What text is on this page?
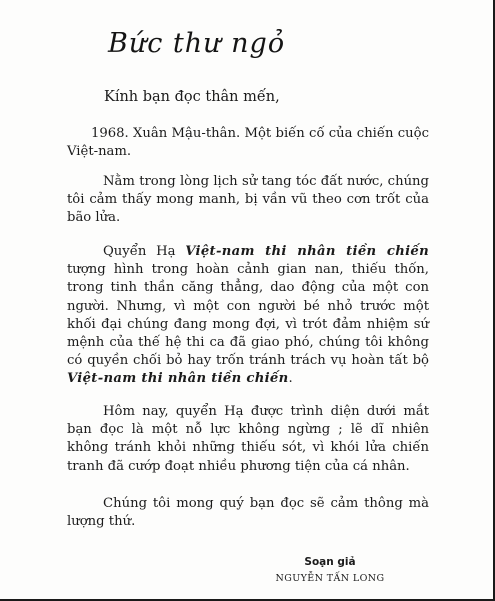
Bức thư ngỏ
Kính bạn đọc thân mến,

1968. Xuân Mậu-thân. Một biến cố của chiến cuộc Việt-nam.

Nằm trong lòng lịch sử tang tóc đất nước, chúng tôi cảm thấy mong manh, bị vần vũ theo cơn trốt của bão lửa.

Quyển Hạ Việt-nam thi nhân tiền chiến tượng hình trong hoàn cảnh gian nan, thiếu thốn, trong tinh thần căng thẳng, dao động của một con người. Nhưng, vì một con người bé nhỏ trước một khối đại chúng đang mong đợi, vì trót đảm nhiệm sứ mệnh của thế hệ thi ca đã giao phó, chúng tôi không có quyền chối bỏ hay trốn tránh trách vụ hoàn tất bộ Việt-nam thi nhân tiền chiến.

Hôm nay, quyển Hạ được trình diện dưới mắt bạn đọc là một nỗ lực không ngừng ; lẽ dĩ nhiên không tránh khỏi những thiếu sót, vì khói lửa chiến tranh đã cướp đoạt nhiều phương tiện của cá nhân.

Chúng tôi mong quý bạn đọc sẽ cảm thông mà lượng thứ.

Soạn giả
NGUYỄN TẤN LONG
